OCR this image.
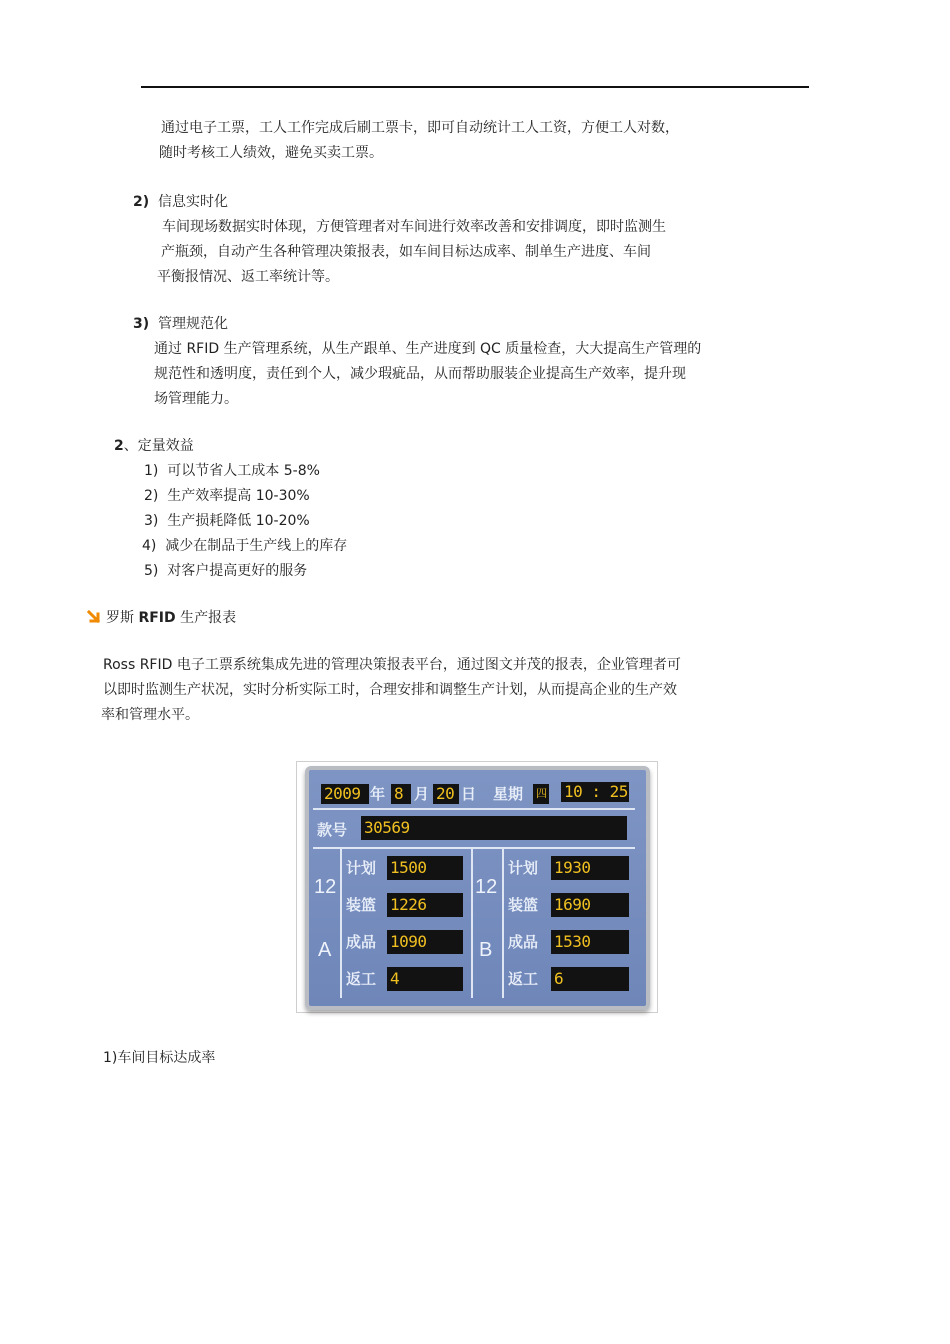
通过电子工票，工人工作完成后刷工票卡，即可自动统计工人工资，方便工人对数，
随时考核工人绩效，避免买卖工票。
2) 信息实时化
车间现场数据实时体现，方便管理者对车间进行效率改善和安排调度，即时监测生
产瓶颈，自动产生各种管理决策报表，如车间目标达成率、制单生产进度、车间
平衡报情况、返工率统计等。
3) 管理规范化
通过 RFID 生产管理系统，从生产跟单、生产进度到 QC 质量检查，大大提高生产管理的
规范性和透明度，责任到个人，减少瑕疵品，从而帮助服装企业提高生产效率，提升现
场管理能力。
2、定量效益
1) 可以节省人工成本 5-8%
2) 生产效率提高 10-30%
3) 生产损耗降低 10-20%
4) 减少在制品于生产线上的库存
5) 对客户提高更好的服务
罗斯 RFID 生产报表
Ross RFID 电子工票系统集成先进的管理决策报表平台，通过图文并茂的报表，企业管理者可
以即时监测生产状况，实时分析实际工时，合理安排和调整生产计划，从而提高企业的生产效
率和管理水平。
2009 年 8 月 20 日 星期 四 10 : 25
款号 30569
12
A
计划 1500
装篮 1226
成品 1090
返工 4
12
B
计划 1930
装篮 1690
成品 1530
返工 6
1)车间目标达成率
